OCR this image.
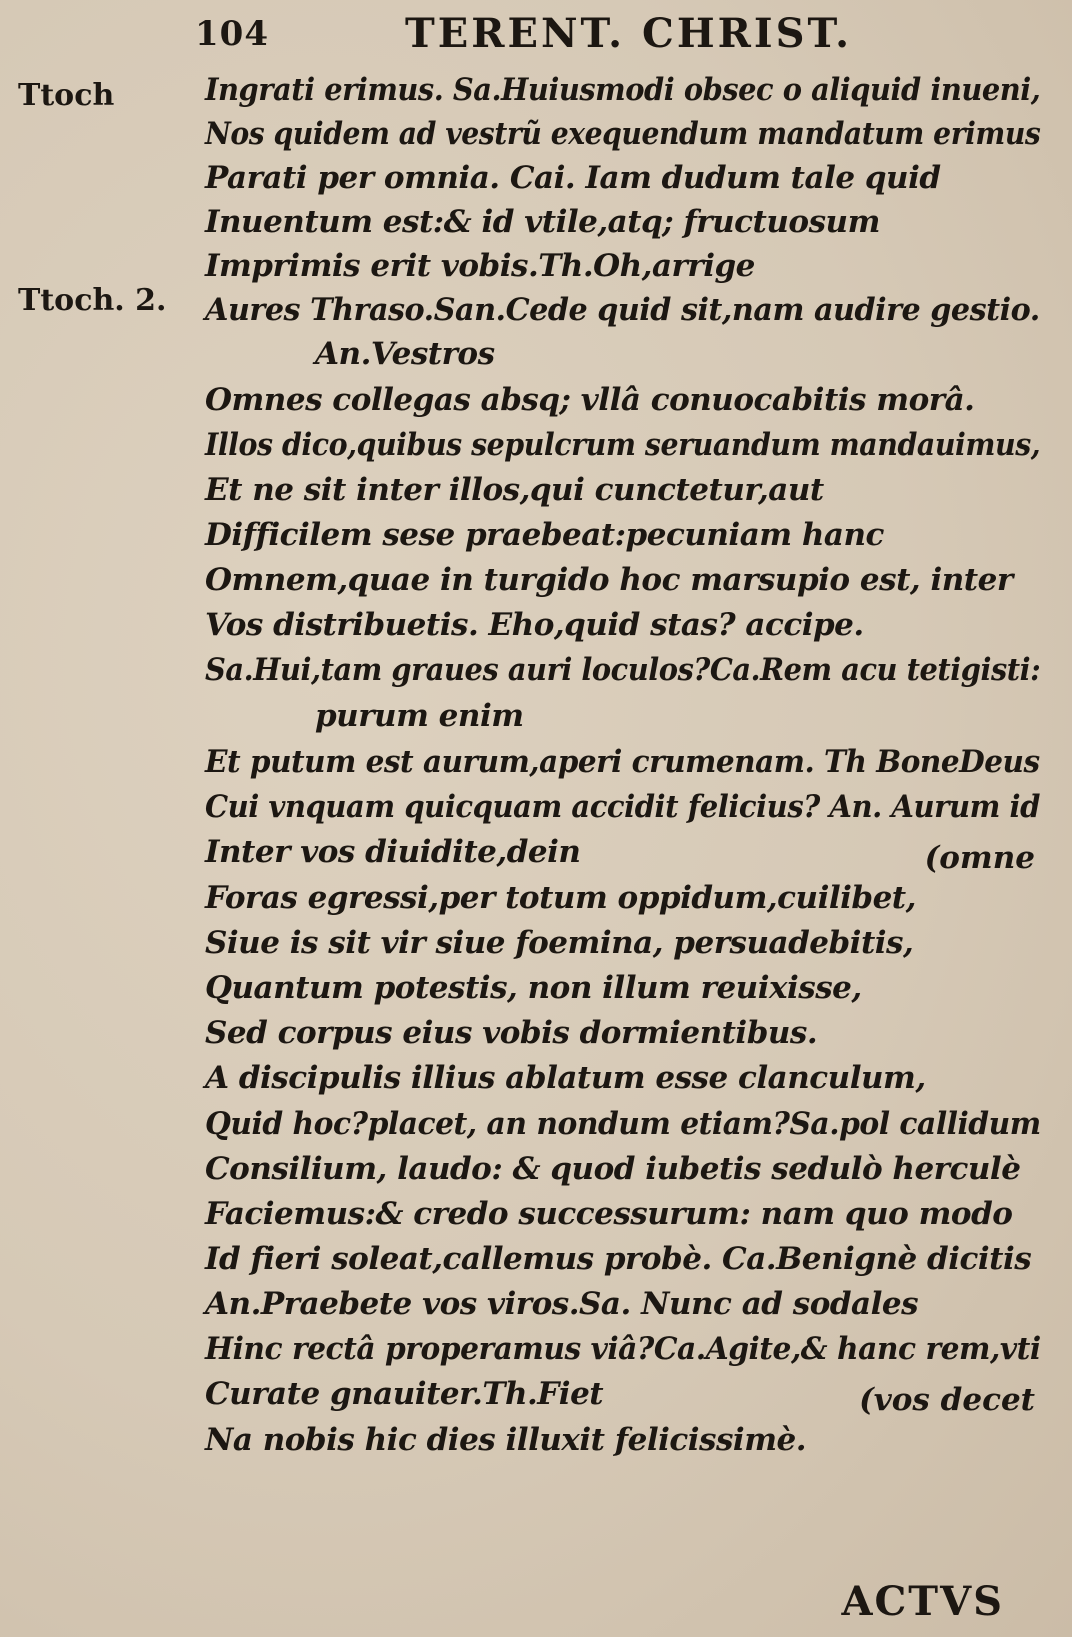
104	TERENT. CHRIST.
Ttoch
Ttoch. 2.
Ingrati erimus. Sa.Huiusmodi obsec o aliquid inueni,
Nos quidem ad vestrũ exequendum mandatum erimus
Parati per omnia. Cai. Iam dudum tale quid
Inuentum est:& id vtile,atq; fructuosum
Imprimis erit vobis.Th.Oh,arrige
Aures Thraso.San.Cede quid sit,nam audire gestio.
An.Vestros
Omnes collegas absq; vllâ conuocabitis morâ.
Illos dico,quibus sepulcrum seruandum mandauimus,
Et ne sit inter illos,qui cunctetur,aut
Difficilem sese praebeat:pecuniam hanc
Omnem,quae in turgido hoc marsupio est, inter
Vos distribuetis. Eho,quid stas? accipe.
Sa.Hui,tam graues auri loculos?Ca.Rem acu tetigisti:
purum enim
Et putum est aurum,aperi crumenam. Th BoneDeus
Cui vnquam quicquam accidit felicius? An. Aurum id
Inter vos diuidite,dein	(omne
Foras egressi,per totum oppidum,cuilibet,
Siue is sit vir siue foemina, persuadebitis,
Quantum potestis, non illum reuixisse,
Sed corpus eius vobis dormientibus.
A discipulis illius ablatum esse clanculum,
Quid hoc?placet, an nondum etiam?Sa.pol callidum
Consilium, laudo: & quod iubetis sedulò herculè
Faciemus:& credo successurum: nam quo modo
Id fieri soleat,callemus probè. Ca.Benignè dicitis
An.Praebete vos viros.Sa. Nunc ad sodales
Hinc rectâ properamus viâ?Ca.Agite,& hanc rem,vti
Curate gnauiter.Th.Fiet	(vos decet
Na nobis hic dies illuxit felicissimè.
ACTVS
